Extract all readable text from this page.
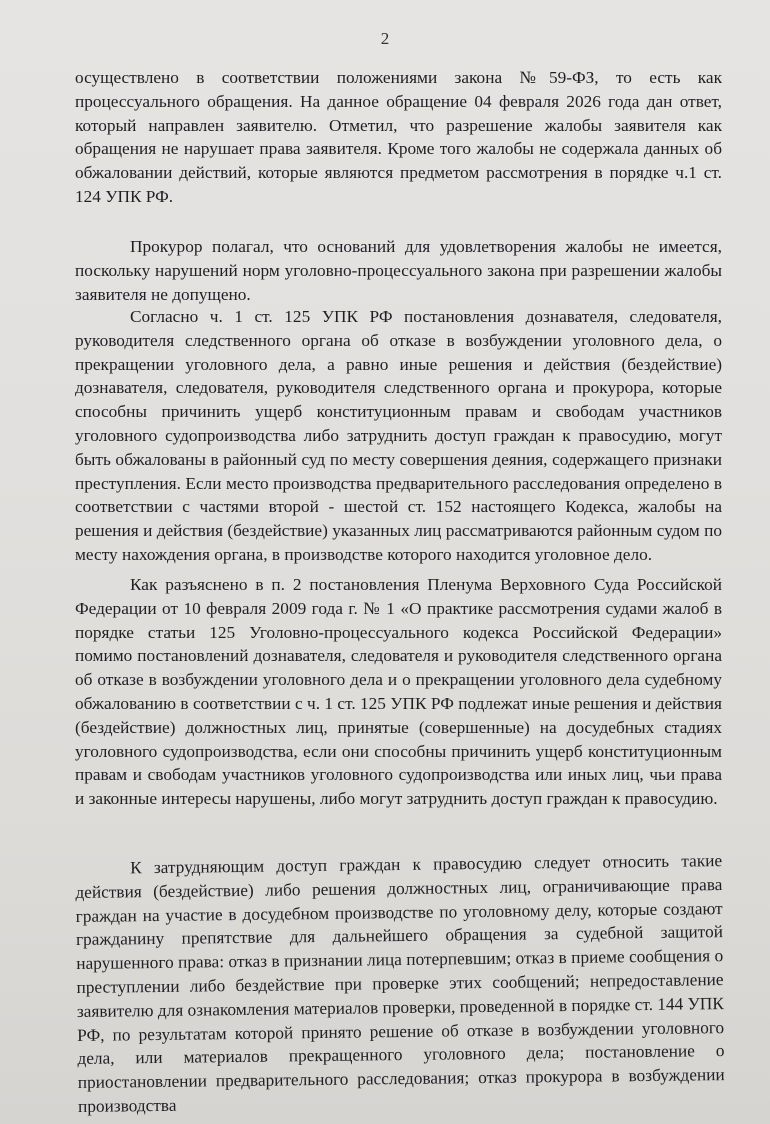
2

осуществлено в соответствии положениями закона №59-ФЗ, то есть как процессуального обращения. На данное обращение 04 февраля 2026 года дан ответ, который направлен заявителю. Отметил, что разрешение жалобы заявителя как обращения не нарушает права заявителя. Кроме того жалобы не содержала данных об обжаловании действий, которые являются предметом рассмотрения в порядке ч.1 ст. 124 УПК РФ.

Прокурор полагал, что оснований для удовлетворения жалобы не имеется, поскольку нарушений норм уголовно-процессуального закона при разрешении жалобы заявителя не допущено.

Согласно ч. 1 ст. 125 УПК РФ постановления дознавателя, следователя, руководителя следственного органа об отказе в возбуждении уголовного дела, о прекращении уголовного дела, а равно иные решения и действия (бездействие) дознавателя, следователя, руководителя следственного органа и прокурора, которые способны причинить ущерб конституционным правам и свободам участников уголовного судопроизводства либо затруднить доступ граждан к правосудию, могут быть обжалованы в районный суд по месту совершения деяния, содержащего признаки преступления. Если место производства предварительного расследования определено в соответствии с частями второй - шестой ст. 152 настоящего Кодекса, жалобы на решения и действия (бездействие) указанных лиц рассматриваются районным судом по месту нахождения органа, в производстве которого находится уголовное дело.

Как разъяснено в п. 2 постановления Пленума Верховного Суда Российской Федерации от 10 февраля 2009 года г. № 1 «О практике рассмотрения судами жалоб в порядке статьи 125 Уголовно-процессуального кодекса Российской Федерации» помимо постановлений дознавателя, следователя и руководителя следственного органа об отказе в возбуждении уголовного дела и о прекращении уголовного дела судебному обжалованию в соответствии с ч. 1 ст. 125 УПК РФ подлежат иные решения и действия (бездействие) должностных лиц, принятые (совершенные) на досудебных стадиях уголовного судопроизводства, если они способны причинить ущерб конституционным правам и свободам участников уголовного судопроизводства или иных лиц, чьи права и законные интересы нарушены, либо могут затруднить доступ граждан к правосудию.

К затрудняющим доступ граждан к правосудию следует относить такие действия (бездействие) либо решения должностных лиц, ограничивающие права граждан на участие в досудебном производстве по уголовному делу, которые создают гражданину препятствие для дальнейшего обращения за судебной защитой нарушенного права: отказ в признании лица потерпевшим; отказ в приеме сообщения о преступлении либо бездействие при проверке этих сообщений; непредоставление заявителю для ознакомления материалов проверки, проведенной в порядке ст. 144 УПК РФ, по результатам которой принято решение об отказе в возбуждении уголовного дела, или материалов прекращенного уголовного дела; постановление о приостановлении предварительного расследования; отказ прокурора в возбуждении производства
